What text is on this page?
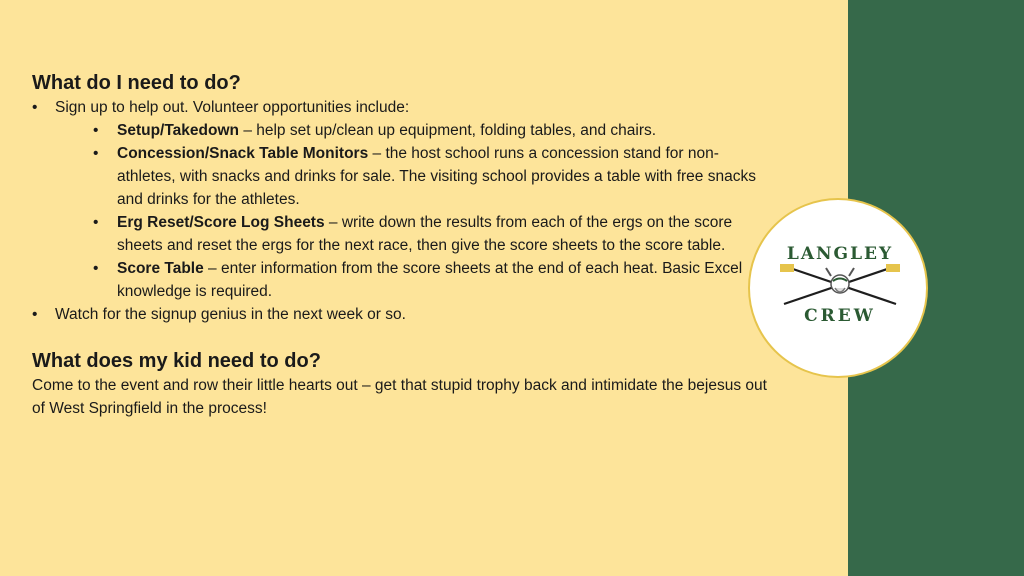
What do I need to do?
• Sign up to help out. Volunteer opportunities include:
• Setup/Takedown – help set up/clean up equipment, folding tables, and chairs.
• Concession/Snack Table Monitors – the host school runs a concession stand for non-athletes, with snacks and drinks for sale. The visiting school provides a table with free snacks and drinks for the athletes.
• Erg Reset/Score Log Sheets – write down the results from each of the ergs on the score sheets and reset the ergs for the next race, then give the score sheets to the score table.
• Score Table – enter information from the score sheets at the end of each heat. Basic Excel knowledge is required.
• Watch for the signup genius in the next week or so.
What does my kid need to do?

Come to the event and row their little hearts out – get that stupid trophy back and intimidate the bejesus out of West Springfield in the process!

LANGLEY
CREW
